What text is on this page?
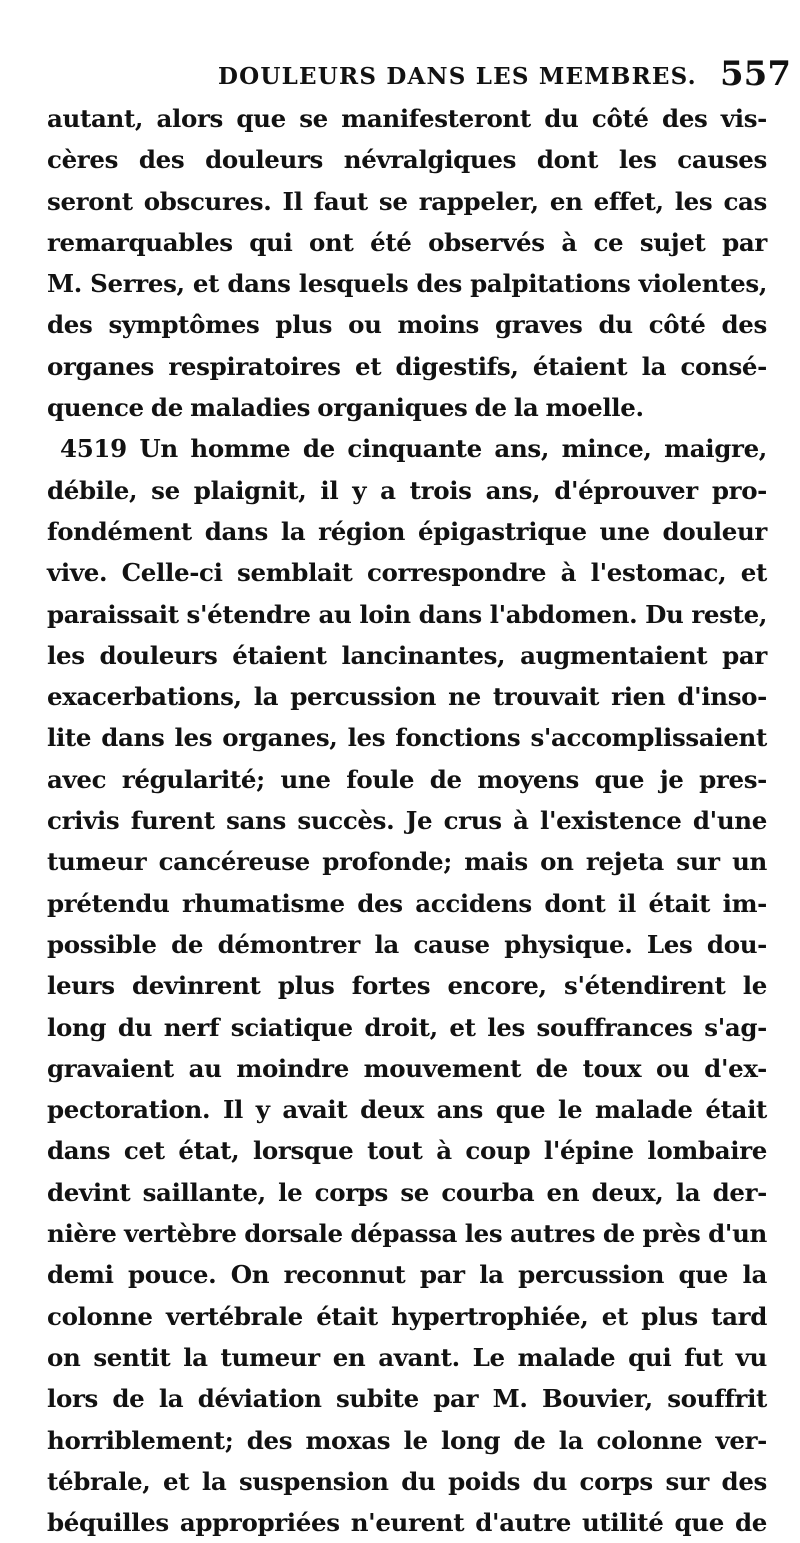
DOULEURS DANS LES MEMBRES. 557
autant, alors que se manifesteront du côté des vis-
cères des douleurs névralgiques dont les causes
seront obscures. Il faut se rappeler, en effet, les cas
remarquables qui ont été observés à ce sujet par
M. Serres, et dans lesquels des palpitations violentes,
des symptômes plus ou moins graves du côté des
organes respiratoires et digestifs, étaient la consé-
quence de maladies organiques de la moelle.
4519 Un homme de cinquante ans, mince, maigre,
débile, se plaignit, il y a trois ans, d'éprouver pro-
fondément dans la région épigastrique une douleur
vive. Celle-ci semblait correspondre à l'estomac, et
paraissait s'étendre au loin dans l'abdomen. Du reste,
les douleurs étaient lancinantes, augmentaient par
exacerbations, la percussion ne trouvait rien d'inso-
lite dans les organes, les fonctions s'accomplissaient
avec régularité; une foule de moyens que je pres-
crivis furent sans succès. Je crus à l'existence d'une
tumeur cancéreuse profonde; mais on rejeta sur un
prétendu rhumatisme des accidens dont il était im-
possible de démontrer la cause physique. Les dou-
leurs devinrent plus fortes encore, s'étendirent le
long du nerf sciatique droit, et les souffrances s'ag-
gravaient au moindre mouvement de toux ou d'ex-
pectoration. Il y avait deux ans que le malade était
dans cet état, lorsque tout à coup l'épine lombaire
devint saillante, le corps se courba en deux, la der-
nière vertèbre dorsale dépassa les autres de près d'un
demi pouce. On reconnut par la percussion que la
colonne vertébrale était hypertrophiée, et plus tard
on sentit la tumeur en avant. Le malade qui fut vu
lors de la déviation subite par M. Bouvier, souffrit
horriblement; des moxas le long de la colonne ver-
tébrale, et la suspension du poids du corps sur des
béquilles appropriées n'eurent d'autre utilité que de
